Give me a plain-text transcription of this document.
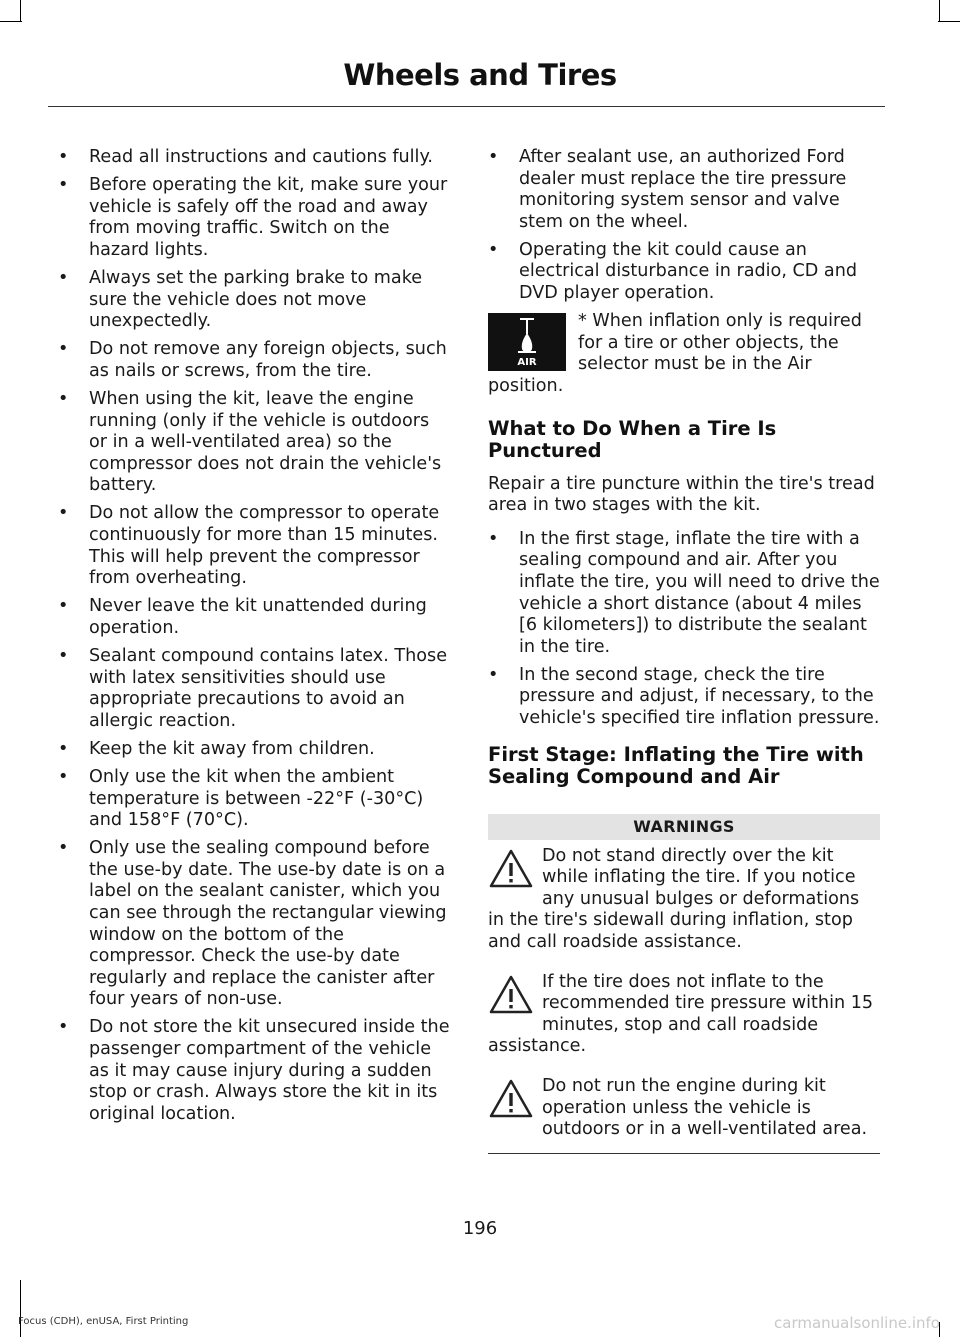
Wheels and Tires
• Read all instructions and cautions fully.
• Before operating the kit, make sure your vehicle is safely off the road and away from moving traffic. Switch on the hazard lights.
• Always set the parking brake to make sure the vehicle does not move unexpectedly.
• Do not remove any foreign objects, such as nails or screws, from the tire.
• When using the kit, leave the engine running (only if the vehicle is outdoors or in a well-ventilated area) so the compressor does not drain the vehicle's battery.
• Do not allow the compressor to operate continuously for more than 15 minutes. This will help prevent the compressor from overheating.
• Never leave the kit unattended during operation.
• Sealant compound contains latex. Those with latex sensitivities should use appropriate precautions to avoid an allergic reaction.
• Keep the kit away from children.
• Only use the kit when the ambient temperature is between -22°F (-30°C) and 158°F (70°C).
• Only use the sealing compound before the use-by date. The use-by date is on a label on the sealant canister, which you can see through the rectangular viewing window on the bottom of the compressor. Check the use-by date regularly and replace the canister after four years of non-use.
• Do not store the kit unsecured inside the passenger compartment of the vehicle as it may cause injury during a sudden stop or crash. Always store the kit in its original location.
• After sealant use, an authorized Ford dealer must replace the tire pressure monitoring system sensor and valve stem on the wheel.
• Operating the kit could cause an electrical disturbance in radio, CD and DVD player operation.
AIR
* When inflation only is required for a tire or other objects, the selector must be in the Air position.
What to Do When a Tire Is Punctured

Repair a tire puncture within the tire's tread area in two stages with the kit.

• In the first stage, inflate the tire with a sealing compound and air. After you inflate the tire, you will need to drive the vehicle a short distance (about 4 miles [6 kilometers]) to distribute the sealant in the tire.
• In the second stage, check the tire pressure and adjust, if necessary, to the vehicle's specified tire inflation pressure.
First Stage: Inflating the Tire with Sealing Compound and Air
WARNINGS
Do not stand directly over the kit while inflating the tire. If you notice any unusual bulges or deformations in the tire's sidewall during inflation, stop and call roadside assistance.
If the tire does not inflate to the recommended tire pressure within 15 minutes, stop and call roadside assistance.
Do not run the engine during kit operation unless the vehicle is outdoors or in a well-ventilated area.
196
Focus (CDH), enUSA, First Printing	carmanualsonline.info
